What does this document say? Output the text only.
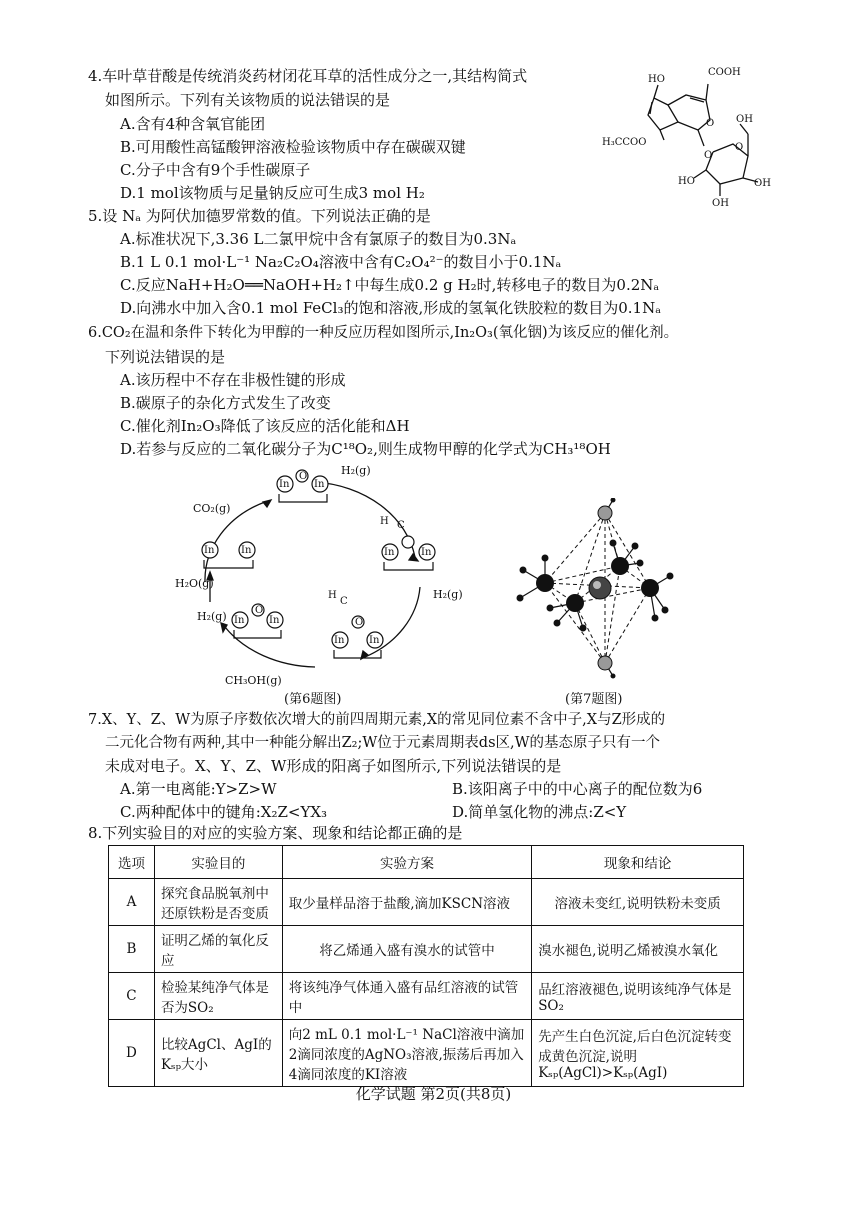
4.车叶草苷酸是传统消炎药材闭花耳草的活性成分之一,其结构简式
如图所示。下列有关该物质的说法错误的是
A.含有4种含氧官能团
B.可用酸性高锰酸钾溶液检验该物质中存在碳碳双键
C.分子中含有9个手性碳原子
D.1 mol该物质与足量钠反应可生成3 mol H₂
COOH
HO
O
H₃CCOO
O
O
OH
HO	OH
OH
5.设 Nₐ 为阿伏加德罗常数的值。下列说法正确的是
A.标准状况下,3.36 L二氯甲烷中含有氯原子的数目为0.3Nₐ
B.1 L 0.1 mol·L⁻¹ Na₂C₂O₄溶液中含有C₂O₄²⁻的数目小于0.1Nₐ
C.反应NaH+H₂O══NaOH+H₂↑中每生成0.2 g H₂时,转移电子的数目为0.2Nₐ
D.向沸水中加入含0.1 mol FeCl₃的饱和溶液,形成的氢氧化铁胶粒的数目为0.1Nₐ
6.CO₂在温和条件下转化为甲醇的一种反应历程如图所示,In₂O₃(氧化铟)为该反应的催化剂。
下列说法错误的是
A.该历程中不存在非极性键的形成
B.碳原子的杂化方式发生了改变
C.催化剂In₂O₃降低了该反应的活化能和ΔH
D.若参与反应的二氧化碳分子为C¹⁸O₂,则生成物甲醇的化学式为CH₃¹⁸OH
In In
O
In	In
H C
In In
O
C
H
In In
O
In	In
CO₂(g)
H₂(g)
H₂(g)
H₂(g)
H₂O(g)
CH₃OH(g)
(第6题图)	(第7题图)
7.X、Y、Z、W为原子序数依次增大的前四周期元素,X的常见同位素不含中子,X与Z形成的
二元化合物有两种,其中一种能分解出Z₂;W位于元素周期表ds区,W的基态原子只有一个
未成对电子。X、Y、Z、W形成的阳离子如图所示,下列说法错误的是
A.第一电离能:Y>Z>W	B.该阳离子中的中心离子的配位数为6
C.两种配体中的键角:X₂Z<YX₃	D.简单氢化物的沸点:Z<Y
8.下列实验目的对应的实验方案、现象和结论都正确的是
选项	实验目的	实验方案	现象和结论
A	探究食品脱氧剂中还原铁粉是否变质	取少量样品溶于盐酸,滴加KSCN溶液	溶液未变红,说明铁粉未变质
B	证明乙烯的氧化反应	将乙烯通入盛有溴水的试管中	溴水褪色,说明乙烯被溴水氧化
C	检验某纯净气体是否为SO₂	将该纯净气体通入盛有品红溶液的试管中	品红溶液褪色,说明该纯净气体是SO₂
D	比较AgCl、AgI的Kₛₚ大小	向2 mL 0.1 mol·L⁻¹ NaCl溶液中滴加2滴同浓度的AgNO₃溶液,振荡后再加入4滴同浓度的KI溶液	先产生白色沉淀,后白色沉淀转变成黄色沉淀,说明Kₛₚ(AgCl)>Kₛₚ(AgI)
化学试题 第2页(共8页)
